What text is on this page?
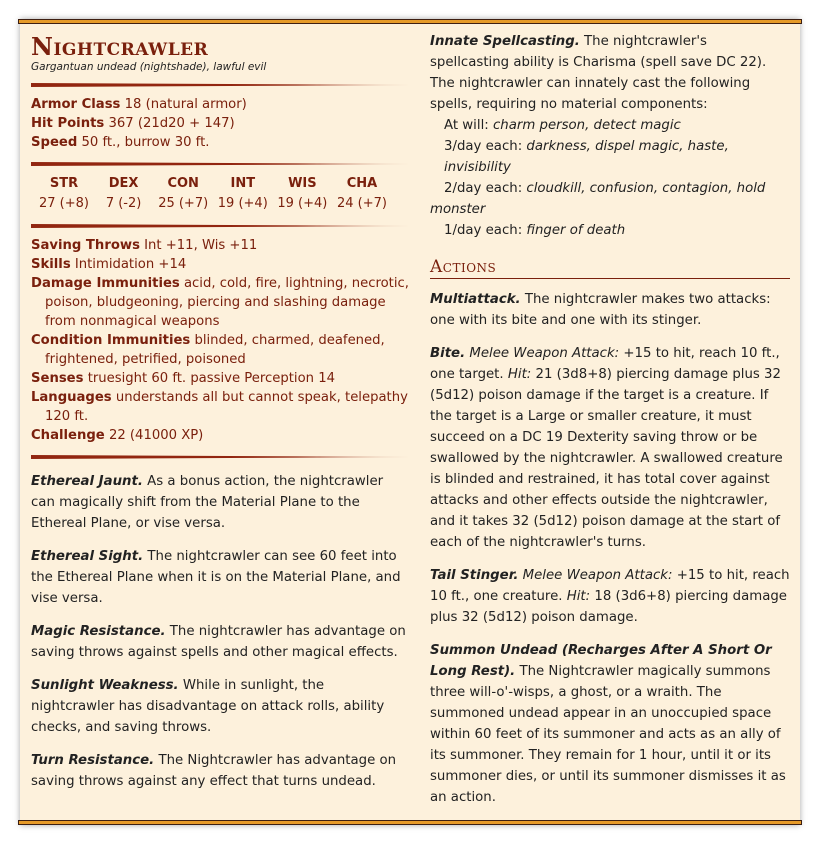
Nightcrawler
Gargantuan undead (nightshade), lawful evil
Armor Class 18 (natural armor)
Hit Points 367 (21d20 + 147)
Speed 50 ft., burrow 30 ft.
STR
27 (+8)
DEX
7 (-2)
CON
25 (+7)
INT
19 (+4)
WIS
19 (+4)
CHA
24 (+7)
Saving Throws Int +11, Wis +11
Skills Intimidation +14
Damage Immunities acid, cold, fire, lightning, necrotic, poison, bludgeoning, piercing and slashing damage from nonmagical weapons
Condition Immunities blinded, charmed, deafened, frightened, petrified, poisoned
Senses truesight 60 ft. passive Perception 14
Languages understands all but cannot speak, telepathy 120 ft.
Challenge 22 (41000 XP)
Ethereal Jaunt. As a bonus action, the nightcrawler can magically shift from the Material Plane to the Ethereal Plane, or vise versa.
Ethereal Sight. The nightcrawler can see 60 feet into the Ethereal Plane when it is on the Material Plane, and vise versa.
Magic Resistance. The nightcrawler has advantage on saving throws against spells and other magical effects.
Sunlight Weakness. While in sunlight, the nightcrawler has disadvantage on attack rolls, ability checks, and saving throws.
Turn Resistance. The Nightcrawler has advantage on saving throws against any effect that turns undead.
Innate Spellcasting. The nightcrawler's spellcasting ability is Charisma (spell save DC 22). The nightcrawler can innately cast the following spells, requiring no material components:
At will: charm person, detect magic
3/day each: darkness, dispel magic, haste, invisibility
2/day each: cloudkill, confusion, contagion, hold monster
1/day each: finger of death
Actions
Multiattack. The nightcrawler makes two attacks: one with its bite and one with its stinger.
Bite. Melee Weapon Attack: +15 to hit, reach 10 ft., one target. Hit: 21 (3d8+8) piercing damage plus 32 (5d12) poison damage if the target is a creature. If the target is a Large or smaller creature, it must succeed on a DC 19 Dexterity saving throw or be swallowed by the nightcrawler. A swallowed creature is blinded and restrained, it has total cover against attacks and other effects outside the nightcrawler, and it takes 32 (5d12) poison damage at the start of each of the nightcrawler's turns.
Tail Stinger. Melee Weapon Attack: +15 to hit, reach 10 ft., one creature. Hit: 18 (3d6+8) piercing damage plus 32 (5d12) poison damage.
Summon Undead (Recharges After A Short Or Long Rest). The Nightcrawler magically summons three will-o'-wisps, a ghost, or a wraith. The summoned undead appear in an unoccupied space within 60 feet of its summoner and acts as an ally of its summoner. They remain for 1 hour, until it or its summoner dies, or until its summoner dismisses it as an action.
